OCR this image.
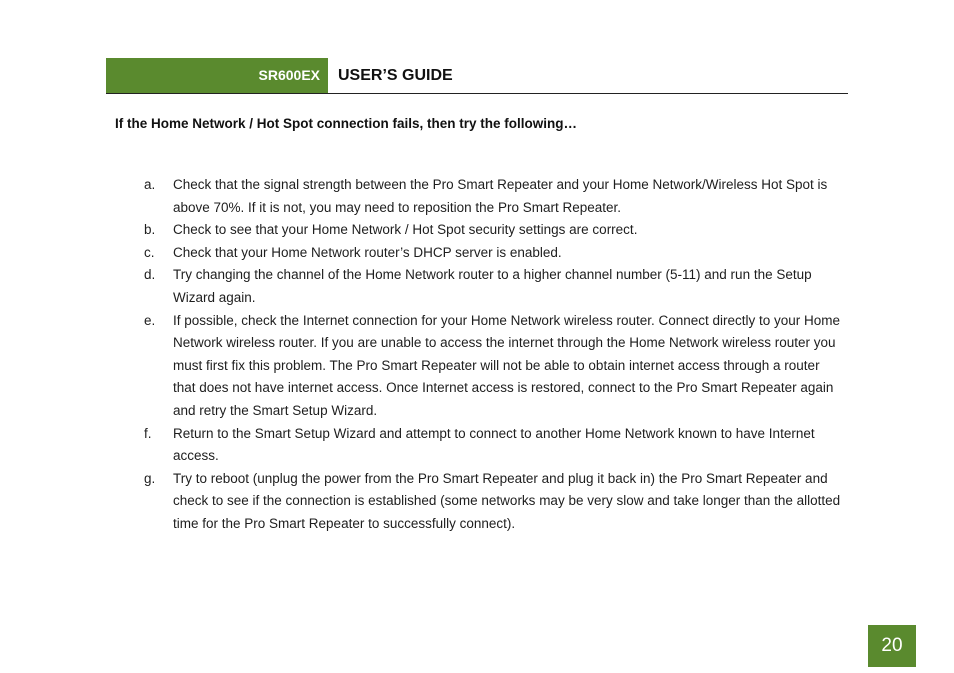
SR600EX	USER’S GUIDE
If the Home Network / Hot Spot connection fails, then try the following…
a.	Check that the signal strength between the Pro Smart Repeater and your Home Network/Wireless Hot Spot is above 70%. If it is not, you may need to reposition the Pro Smart Repeater.
b.	Check to see that your Home Network / Hot Spot security settings are correct.
c.	Check that your Home Network router’s DHCP server is enabled.
d.	Try changing the channel of the Home Network router to a higher channel number (5-11) and run the Setup Wizard again.
e.	If possible, check the Internet connection for your Home Network wireless router. Connect directly to your Home Network wireless router. If you are unable to access the internet through the Home Network wireless router you must first fix this problem. The Pro Smart Repeater will not be able to obtain internet access through a router that does not have internet access. Once Internet access is restored, connect to the Pro Smart Repeater again and retry the Smart Setup Wizard.
f.	Return to the Smart Setup Wizard and attempt to connect to another Home Network known to have Internet access.
g.	Try to reboot (unplug the power from the Pro Smart Repeater and plug it back in) the Pro Smart Repeater and check to see if the connection is established (some networks may be very slow and take longer than the allotted time for the Pro Smart Repeater to successfully connect).
20
